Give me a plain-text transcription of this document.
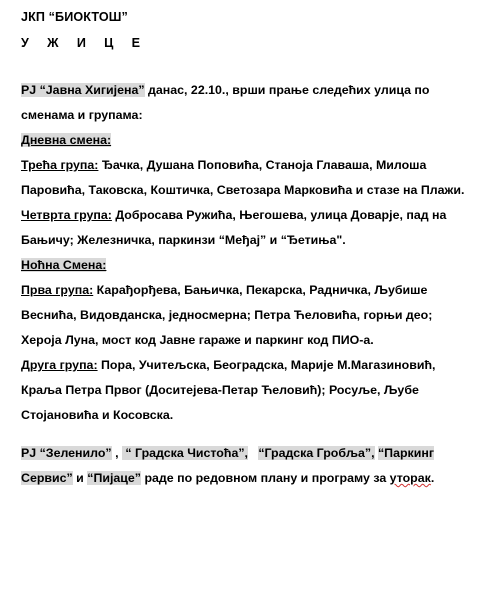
ЈКП “БИОКТОШ”
У Ж И Ц Е

PJ “Јавна Хигијена” данас, 22.10., врши прање следећих улица по сменама и групама:

Дневна смена:

Трећа група: Ђачка, Душана Поповића, Станоја Главаша, Милоша Паровића, Таковска, Коштичка, Светозара Марковића и стазе на Плажи.

Четврта група: Добросава Ружића, Његошева, улица Доварје, пад на Бањичу; Железничка, паркинзи “Међај” и “Ђетиња".

Ноћна Смена:

Прва група: Карађорђева, Бањичка, Пекарска, Радничка, Љубише Веснића, Видовданска, једносмерна; Петра Ћеловића, горњи део; Хероја Луна, мост код Јавне гараже и паркинг код ПИО-а.

Друга група: Пора, Учитељска, Београдска, Марије М.Магазиновић, Краља Петра Првог (Доситејева-Петар Ћеловић); Росуље, Љубе Стојановића и Косовска.

PJ “Зеленило” ,  “ Градска Чистоћа”, “Градска Гробља”, “Паркинг Сервис” и “Пијаце” раде по редовном плану и програму за уторак.
